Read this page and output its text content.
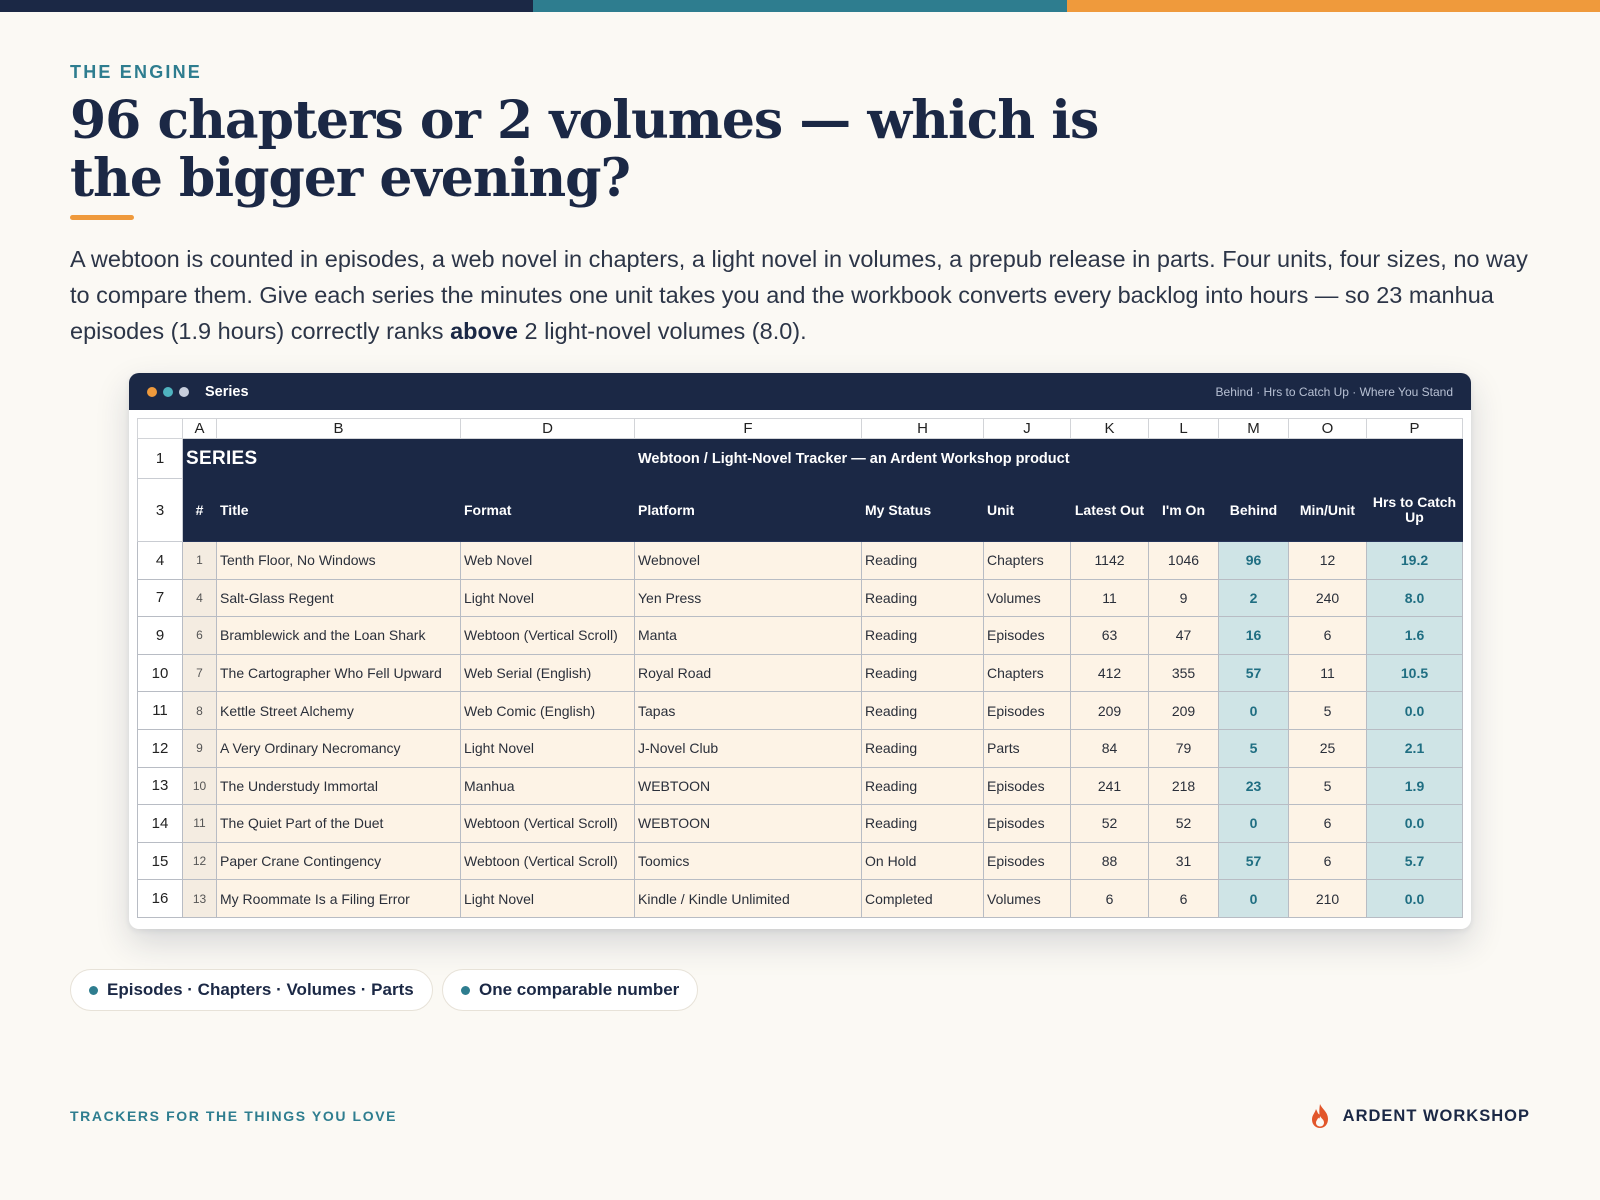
THE ENGINE
96 chapters or 2 volumes — which is the bigger evening?

A webtoon is counted in episodes, a web novel in chapters, a light novel in volumes, a prepub release in parts. Four units, four sizes, no way to compare them. Give each series the minutes one unit takes you and the workbook converts every backlog into hours — so 23 manhua episodes (1.9 hours) correctly ranks above 2 light-novel volumes (8.0).

Series	Behind · Hrs to Catch Up · Where You Stand
	A	B	D	F	H	J	K	L	M	O	P
1	SERIES			Webtoon / Light-Novel Tracker — an Ardent Workshop product							
3	#	Title	Format	Platform	My Status	Unit	Latest Out	I'm On	Behind	Min/Unit	Hrs to Catch Up
4	1	Tenth Floor, No Windows	Web Novel	Webnovel	Reading	Chapters	1142	1046	96	12	19.2
7	4	Salt-Glass Regent	Light Novel	Yen Press	Reading	Volumes	11	9	2	240	8.0
9	6	Bramblewick and the Loan Shark	Webtoon (Vertical Scroll)	Manta	Reading	Episodes	63	47	16	6	1.6
10	7	The Cartographer Who Fell Upward	Web Serial (English)	Royal Road	Reading	Chapters	412	355	57	11	10.5
11	8	Kettle Street Alchemy	Web Comic (English)	Tapas	Reading	Episodes	209	209	0	5	0.0
12	9	A Very Ordinary Necromancy	Light Novel	J-Novel Club	Reading	Parts	84	79	5	25	2.1
13	10	The Understudy Immortal	Manhua	WEBTOON	Reading	Episodes	241	218	23	5	1.9
14	11	The Quiet Part of the Duet	Webtoon (Vertical Scroll)	WEBTOON	Reading	Episodes	52	52	0	6	0.0
15	12	Paper Crane Contingency	Webtoon (Vertical Scroll)	Toomics	On Hold	Episodes	88	31	57	6	5.7
16	13	My Roommate Is a Filing Error	Light Novel	Kindle / Kindle Unlimited	Completed	Volumes	6	6	0	210	0.0
Episodes · Chapters · Volumes · Parts	One comparable number
TRACKERS FOR THE THINGS YOU LOVE	ARDENT WORKSHOP
